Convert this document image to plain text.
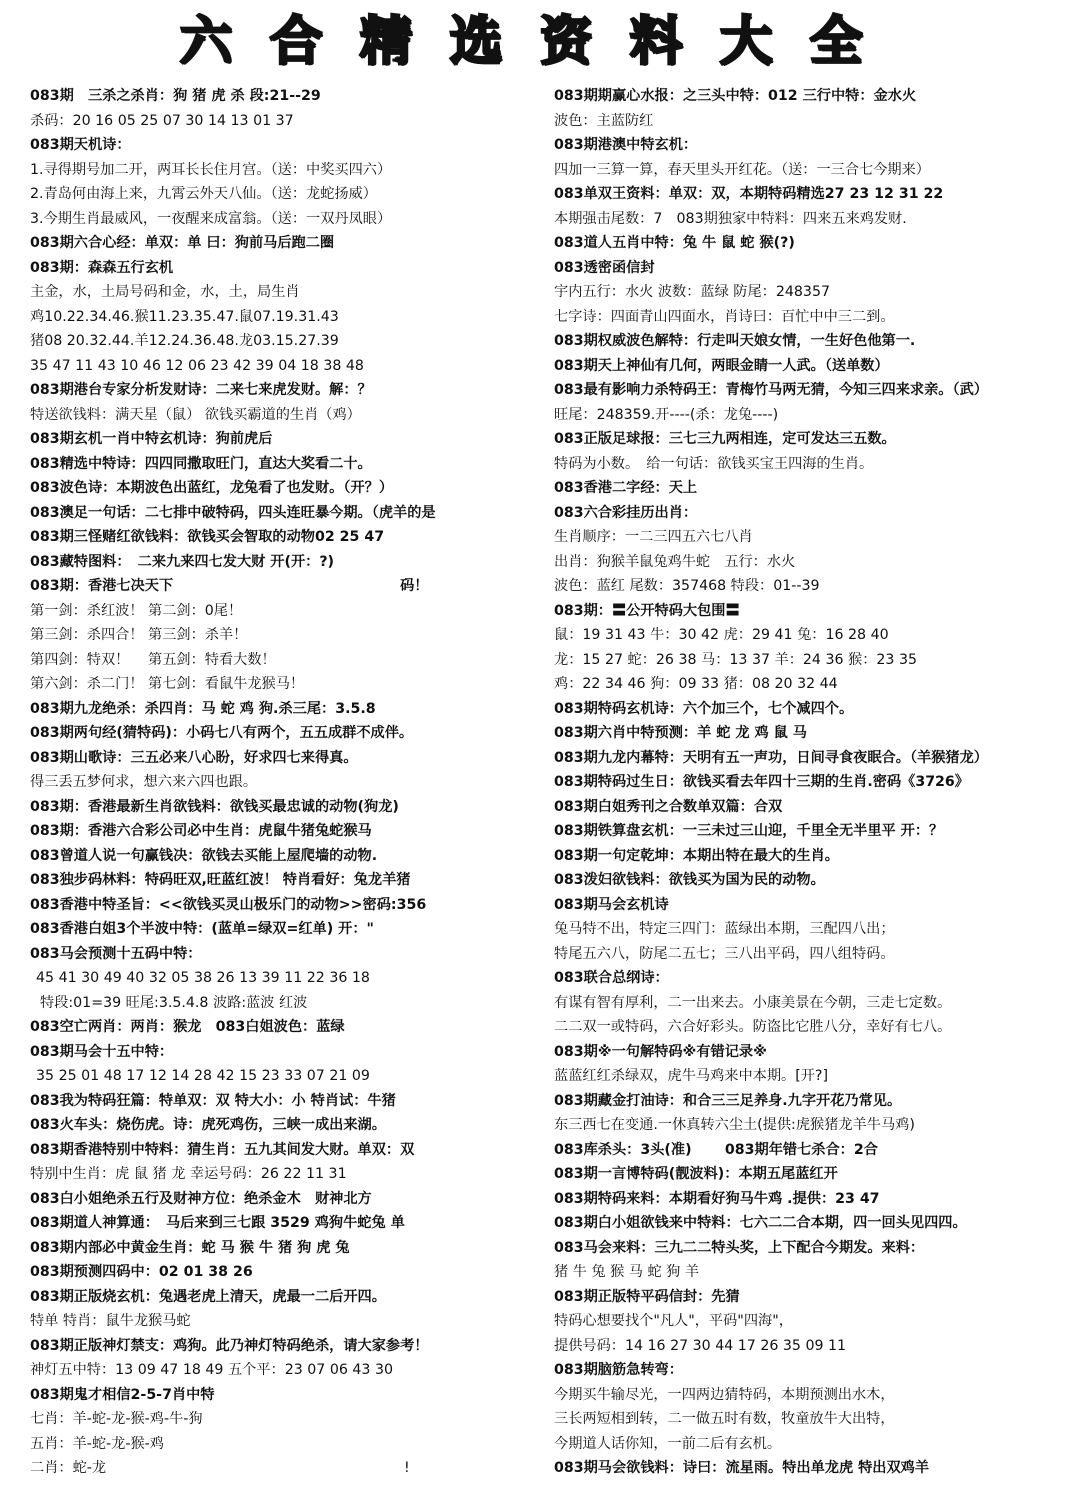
六合精选资料大全
083期　三杀之杀肖：狗 猪 虎 杀 段:21--29
杀码：20 16 05 25 07 30 14 13 01 37
083期天机诗：
1.寻得期号加二开，两耳长长住月宫。（送：中奖买四六）
2.青岛何由海上来，九霄云外天八仙。（送：龙蛇扬威）
3.今期生肖最威风，一夜醒来成富翁。（送：一双丹凤眼）
083期六合心经：单双：单 曰：狗前马后跑二圈
083期：森森五行玄机
主金，水，土局号码和金，水，土，局生肖
鸡10.22.34.46.猴11.23.35.47.鼠07.19.31.43
猪08 20.32.44.羊12.24.36.48.龙03.15.27.39
35 47 11 43 10 46 12 06 23 42 39 04 18 38 48
083期港台专家分析发财诗：二来七来虎发财。解：？
特送欲钱料：满天星（鼠） 欲钱买霸道的生肖（鸡）
083期玄机一肖中特玄机诗：狗前虎后
083精选中特诗：四四同撒取旺门，直达大奖看二十。
083波色诗：本期波色出蓝红，龙兔看了也发财。（开？）
083澳足一句话：二七排中破特码，四头连旺暴今期。（虎羊的是
083期三怪赌红欲钱料：欲钱买会智取的动物02 25 47
083藏特图料：　二来九来四七发大财 开(开：?)
083期：香港七决天下　　　　　　　　　　　　　　　　码！
第一剑：杀红波！ 第二剑：0尾！
第三剑：杀四合！ 第三剑：杀羊！
第四剑：特双！　 第五剑：特看大数！
第六剑：杀二门！ 第七剑：看鼠牛龙猴马！
083期九龙绝杀：杀四肖：马 蛇 鸡 狗.杀三尾：3.5.8
083期两句经(猜特码)：小码七八有两个，五五成群不成伴。
083期山歌诗：三五必来八心盼，好求四七来得真。
得三丢五梦何求，想六来六四也跟。
083期：香港最新生肖欲钱料：欲钱买最忠诚的动物(狗龙)
083期：香港六合彩公司必中生肖：虎鼠牛猪兔蛇猴马
083曾道人说一句赢钱决：欲钱去买能上屋爬墙的动物.
083独步码林料：特码旺双,旺蓝红波！ 特肖看好：兔龙羊猪
083香港中特圣旨：<<欲钱买灵山极乐门的动物>>密码:356
083香港白姐3个半波中特：(蓝单=绿双=红单) 开："
083马会预测十五码中特：
45 41 30 49 40 32 05 38 26 13 39 11 22 36 18
特段:01=39 旺尾:3.5.4.8 波路:蓝波 红波
083空亡两肖：两肖：猴龙　083白姐波色：蓝绿
083期马会十五中特：
35 25 01 48 17 12 14 28 42 15 23 33 07 21 09
083我为特码狂篇：特单双：双 特大小：小 特肖试：牛猪
083火车头：烧伤虎。诗：虎死鸡伤，三峡一成出来湖。
083期香港特别中特料：猜生肖：五九其间发大财。单双：双
特别中生肖：虎 鼠 猪 龙 幸运号码：26 22 11 31
083白小姐绝杀五行及财神方位：绝杀金木　财神北方
083期道人神算通：　马后来到三七跟 3529 鸡狗牛蛇兔 单
083期内部必中黄金生肖：蛇 马 猴 牛 猪 狗 虎 兔
083期预测四码中：02 01 38 26
083期正版烧玄机：兔遇老虎上清天，虎最一二后开四。
特单 特肖：鼠牛龙猴马蛇
083期正版神灯禁支：鸡狗。此乃神灯特码绝杀，请大家参考！
神灯五中特：13 09 47 18 49 五个平：23 07 06 43 30
083期鬼才相信2-5-7肖中特
七肖：羊-蛇-龙-猴-鸡-牛-狗
五肖：羊-蛇-龙-猴-鸡
二肖：蛇-龙　　　　　　　　　　　　　　　　　　　　　!
083期期赢心水报：之三头中特：012 三行中特：金水火
波色：主蓝防红
083期港澳中特玄机：
四加一三算一算，春天里头开红花。（送：一三合七今期来）
083单双王资料：单双：双，本期特码精选27 23 12 31 22
本期强击尾数：7　083期独家中特料：四来五来鸡发财.
083道人五肖中特：兔 牛 鼠 蛇 猴(?)
083透密函信封
宇内五行：水火 波数：蓝绿 防尾：248357
七字诗：四面青山四面水，肖诗曰：百忙中中三二到。
083期权威波色解特：行走叫天娘女情，一生好色他第一.
083期天上神仙有几何，两眼金睛一人武。（送单数）
083最有影响力杀特码王：青梅竹马两无猜，今知三四来求亲。（武）
旺尾：248359.开----(杀：龙兔----)
083正版足球报：三七三九两相连，定可发达三五数。
特码为小数。　给一句话：欲钱买宝王四海的生肖。
083香港二字经：天上
083六合彩挂历出肖：
生肖顺序：一二三四五六七八肖
出肖：狗猴羊鼠兔鸡牛蛇　五行：水火
波色：蓝红 尾数：357468 特段：01--39
083期：〓公开特码大包围〓
鼠：19 31 43 牛：30 42 虎：29 41 兔：16 28 40
龙：15 27 蛇：26 38 马：13 37 羊：24 36 猴：23 35
鸡：22 34 46 狗：09 33 猪：08 20 32 44
083期特码玄机诗：六个加三个，七个减四个。
083期六肖中特预测：羊 蛇 龙 鸡 鼠 马
083期九龙内幕特：天明有五一声功，日间寻食夜眠合。（羊猴猪龙）
083期特码过生日：欲钱买看去年四十三期的生肖.密码《3726》
083期白姐秀刊之合数单双篇：合双
083期铁算盘玄机：一三未过三山迎，千里全无半里平 开：？
083期一句定乾坤：本期出特在最大的生肖。
083泼妇欲钱料：欲钱买为国为民的动物。
083期马会玄机诗
兔马特不出，特定三四门：蓝绿出本期，三配四八出；
特尾五六八，防尾二五七；三八出平码，四八组特码。
083联合总纲诗：
有谋有智有厚利，二一出来去。小康美景在今朝，三走七定数。
二二双一或特码，六合好彩头。防盗比它胜八分，幸好有七八。
083期※一句解特码※有错记录※
蓝蓝红红杀绿双，虎牛马鸡来中本期。[开?]
083期藏金打油诗：和合三三足养身.九字开花乃常见。
东三西七在变通.一休真转六尘土(提供:虎猴猪龙羊牛马鸡)
083库杀头：3头(准)　　 083期年错七杀合：2合
083期一言博特码(靓波料)：本期五尾蓝红开
083期特码来料：本期看好狗马牛鸡 .提供：23 47
083期白小姐欲钱来中特料：七六二二合本期，四一回头见四四。
083马会来料：三九二二特头奖，上下配合今期发。来料：
猪 牛 兔 猴 马 蛇 狗 羊
083期正版特平码信封：先猜
特码心想要找个"凡人"，平码"四海"，
提供号码：14 16 27 30 44 17 26 35 09 11
083期脑筋急转弯：
今期买牛输尽光，一四两边猜特码，本期预测出水木，
三长两短相到转，二一做五时有数，牧童放牛大出特，
今期道人话你知，一前二后有玄机。
083期马会欲钱料：诗曰：流星雨。特出单龙虎 特出双鸡羊
